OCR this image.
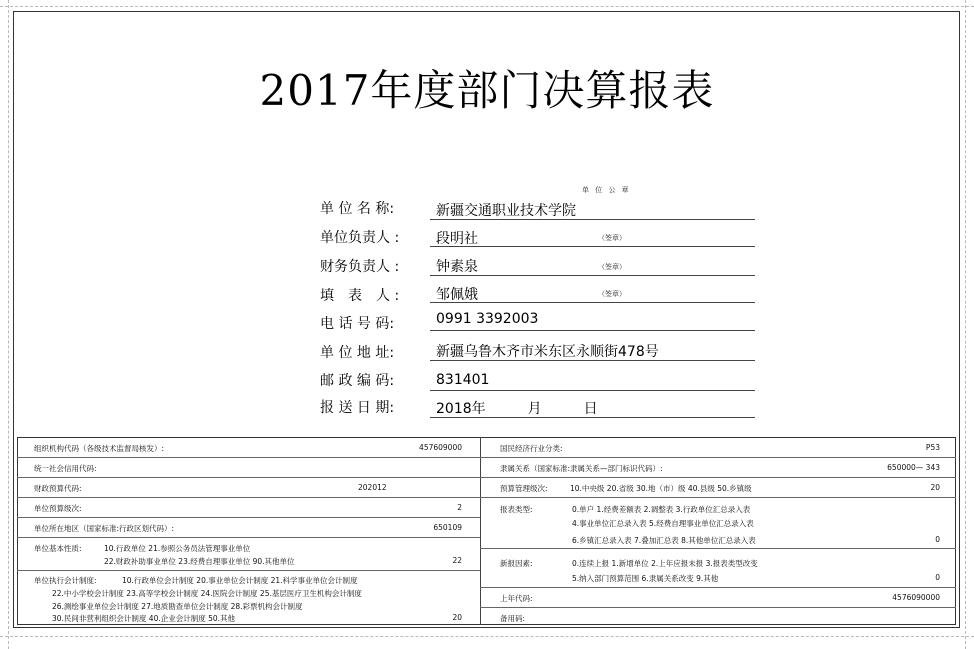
2017年度部门决算报表
单 位 公 章
单 位 名 称:	新疆交通职业技术学院
单位负责人 :	段明社	（签章）
财务负责人 :	钟素泉	（签章）
填　表　人 :	邹佩娥	（签章）
电 话 号 码:	0991 3392003
单 位 地 址:	新疆乌鲁木齐市米东区永顺街478号
邮 政 编 码:	831401
报 送 日 期:	2018年　　　月　　　日
组织机构代码（各级技术监督局核发）:	457609000
统一社会信用代码:
财政预算代码:	202012
单位预算级次:	2
单位所在地区（国家标准:行政区划代码）:	650109
单位基本性质:	10.行政单位 21.参照公务员法管理事业单位
22.财政补助事业单位 23.经费自理事业单位 90.其他单位	22
单位执行会计制度:	10.行政单位会计制度 20.事业单位会计制度 21.科学事业单位会计制度
22.中小学校会计制度 23.高等学校会计制度 24.医院会计制度 25.基层医疗卫生机构会计制度
26.测绘事业单位会计制度 27.地质勘查单位会计制度 28.彩票机构会计制度
30.民间非营利组织会计制度 40.企业会计制度 50.其他	20
国民经济行业分类:	P53
隶属关系（国家标准:隶属关系—部门标识代码）:	650000— 343
预算管理级次:	10.中央级 20.省级 30.地（市）级 40.县级 50.乡镇级	20
报表类型:	0.单户 1.经费差额表 2.调整表 3.行政单位汇总录入表
4.事业单位汇总录入表 5.经费自理事业单位汇总录入表
6.乡镇汇总录入表 7.叠加汇总表 8.其他单位汇总录入表	0
新报因素:	0.连续上报 1.新增单位 2.上年应报未报 3.报表类型改变
5.纳入部门预算范围 6.隶属关系改变 9.其他	0
上年代码:	4576090000
备用码:
